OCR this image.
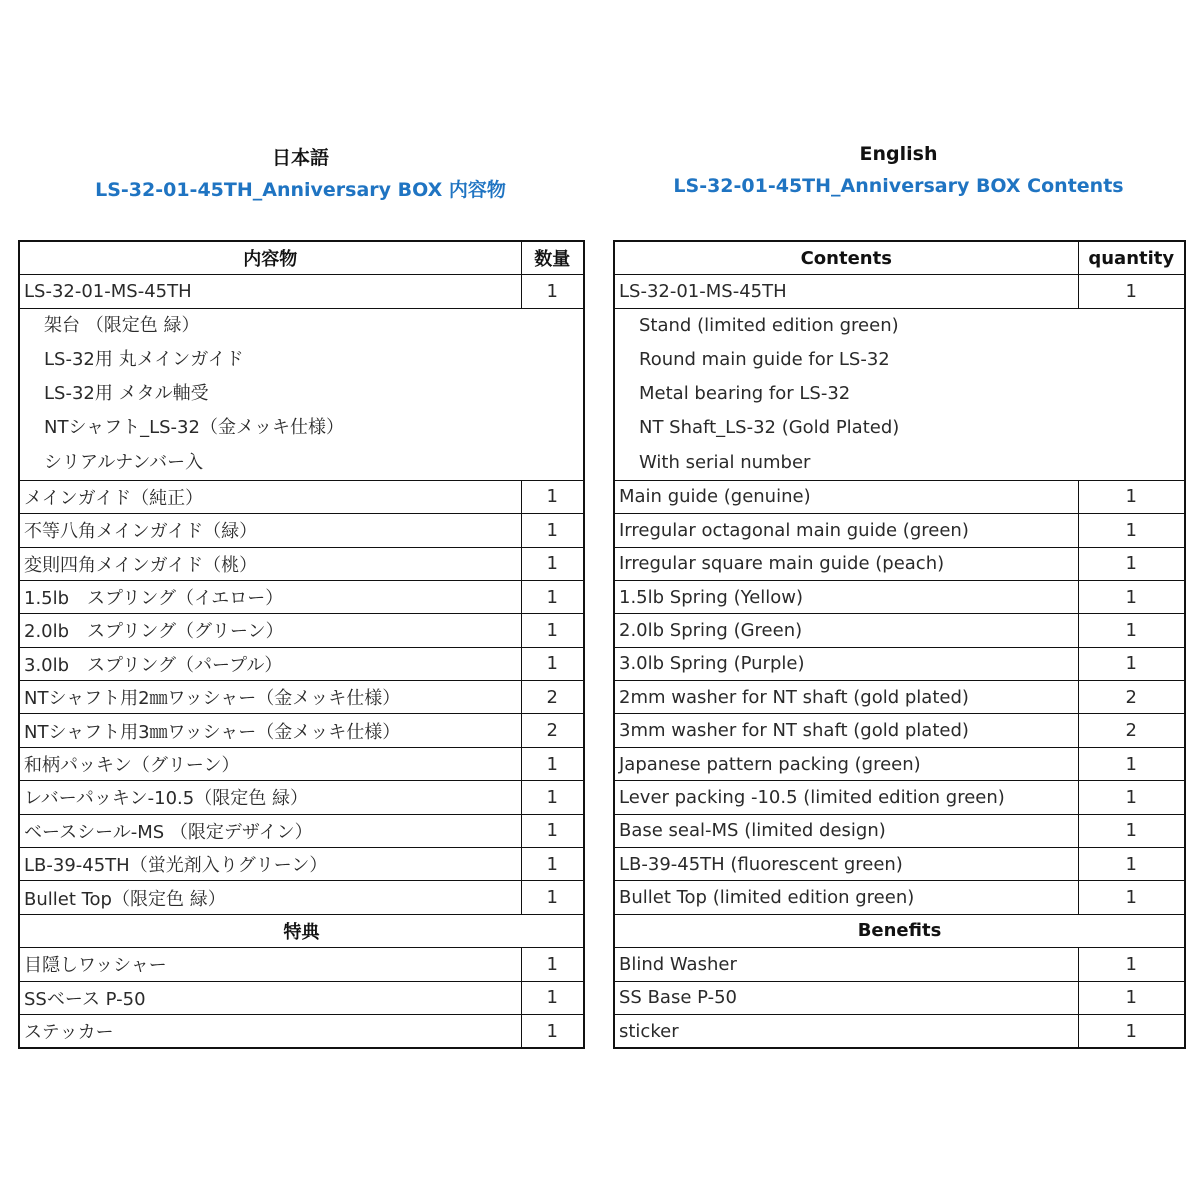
日本語
LS-32-01-45TH_Anniversary BOX 内容物
内容物	数量
LS-32-01-MS-45TH	1

架台 （限定色 緑）
LS-32用 丸メインガイド
LS-32用 メタル軸受
NTシャフト_LS-32（金メッキ仕様）
シリアルナンバー入	

メインガイド（純正）	1
不等八角メインガイド（緑）	1
変則四角メインガイド（桃）	1
1.5lb　スプリング（イエロー）	1
2.0lb　スプリング（グリーン）	1
3.0lb　スプリング（パープル）	1
NTシャフト用2㎜ワッシャー（金メッキ仕様）	2
NTシャフト用3㎜ワッシャー（金メッキ仕様）	2
和柄パッキン（グリーン）	1
レバーパッキン-10.5（限定色 緑）	1
ベースシール-MS （限定デザイン）	1
LB-39-45TH（蛍光剤入りグリーン）	1
Bullet Top（限定色 緑）	1
特典	
目隠しワッシャー	1
SSベース P-50	1
ステッカー	1
English
LS-32-01-45TH_Anniversary BOX Contents
Contents	quantity
LS-32-01-MS-45TH	1

Stand (limited edition green)
Round main guide for LS-32
Metal bearing for LS-32
NT Shaft_LS-32 (Gold Plated)
With serial number	

Main guide (genuine)	1
Irregular octagonal main guide (green)	1
Irregular square main guide (peach)	1
1.5lb Spring (Yellow)	1
2.0lb Spring (Green)	1
3.0lb Spring (Purple)	1
2mm washer for NT shaft (gold plated)	2
3mm washer for NT shaft (gold plated)	2
Japanese pattern packing (green)	1
Lever packing -10.5 (limited edition green)	1
Base seal-MS (limited design)	1
LB-39-45TH (fluorescent green)	1
Bullet Top (limited edition green)	1
Benefits	
Blind Washer	1
SS Base P-50	1
sticker	1
